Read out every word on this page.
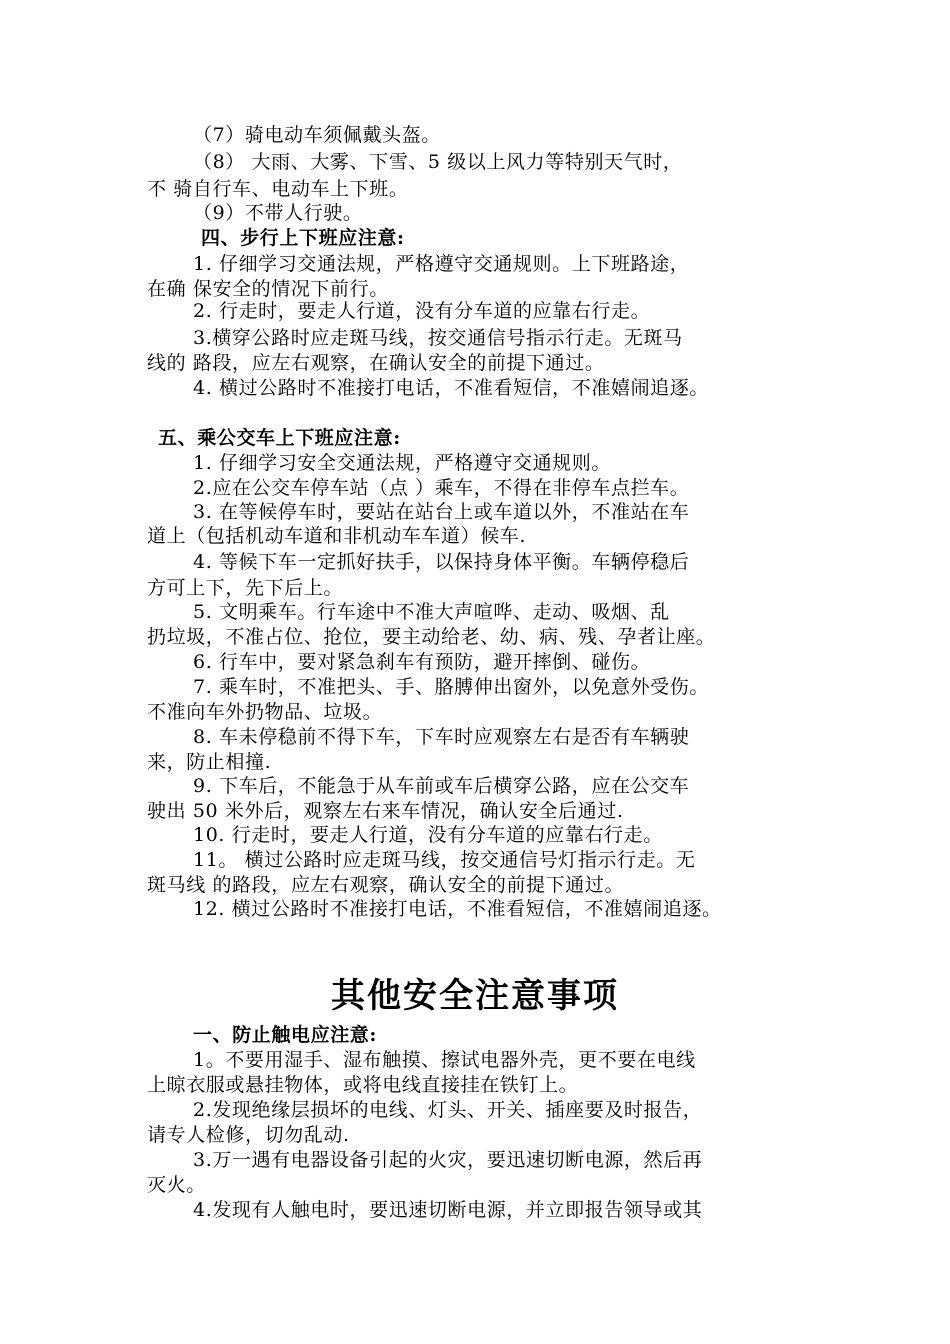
（7）骑电动车须佩戴头盔。
（8） 大雨、大雾、下雪、5 级以上风力等特别天气时，
不 骑自行车、电动车上下班。
（9）不带人行驶。
四、步行上下班应注意:
1. 仔细学习交通法规，严格遵守交通规则。上下班路途，
在确 保安全的情况下前行。
2. 行走时，要走人行道，没有分车道的应靠右行走。
3.横穿公路时应走斑马线，按交通信号指示行走。无斑马
线的 路段，应左右观察，在确认安全的前提下通过。
4. 横过公路时不准接打电话，不准看短信，不准嬉闹追逐。
五、乘公交车上下班应注意:
1. 仔细学习安全交通法规，严格遵守交通规则。
2.应在公交车停车站（点 ）乘车，不得在非停车点拦车。
3. 在等候停车时，要站在站台上或车道以外，不准站在车
道上（包括机动车道和非机动车车道）候车.
4. 等候下车一定抓好扶手，以保持身体平衡。车辆停稳后
方可上下，先下后上。
5. 文明乘车。行车途中不准大声喧哗、走动、吸烟、乱
扔垃圾，不准占位、抢位，要主动给老、幼、病、残、孕者让座。
6. 行车中，要对紧急刹车有预防，避开摔倒、碰伤。
7. 乘车时，不准把头、手、胳膊伸出窗外，以免意外受伤。
不准向车外扔物品、垃圾。
8. 车未停稳前不得下车，下车时应观察左右是否有车辆驶
来，防止相撞.
9. 下车后，不能急于从车前或车后横穿公路，应在公交车
驶出 50 米外后，观察左右来车情况，确认安全后通过.
10. 行走时，要走人行道，没有分车道的应靠右行走。
11。 横过公路时应走斑马线，按交通信号灯指示行走。无
斑马线 的路段，应左右观察，确认安全的前提下通过。
12. 横过公路时不准接打电话，不准看短信，不准嬉闹追逐。
其他安全注意事项
一、防止触电应注意:
1。不要用湿手、湿布触摸、擦试电器外壳，更不要在电线
上晾衣服或悬挂物体，或将电线直接挂在铁钉上。
2.发现绝缘层损坏的电线、灯头、开关、插座要及时报告，
请专人检修，切勿乱动.
3.万一遇有电器设备引起的火灾，要迅速切断电源，然后再
灭火。
4.发现有人触电时，要迅速切断电源，并立即报告领导或其
